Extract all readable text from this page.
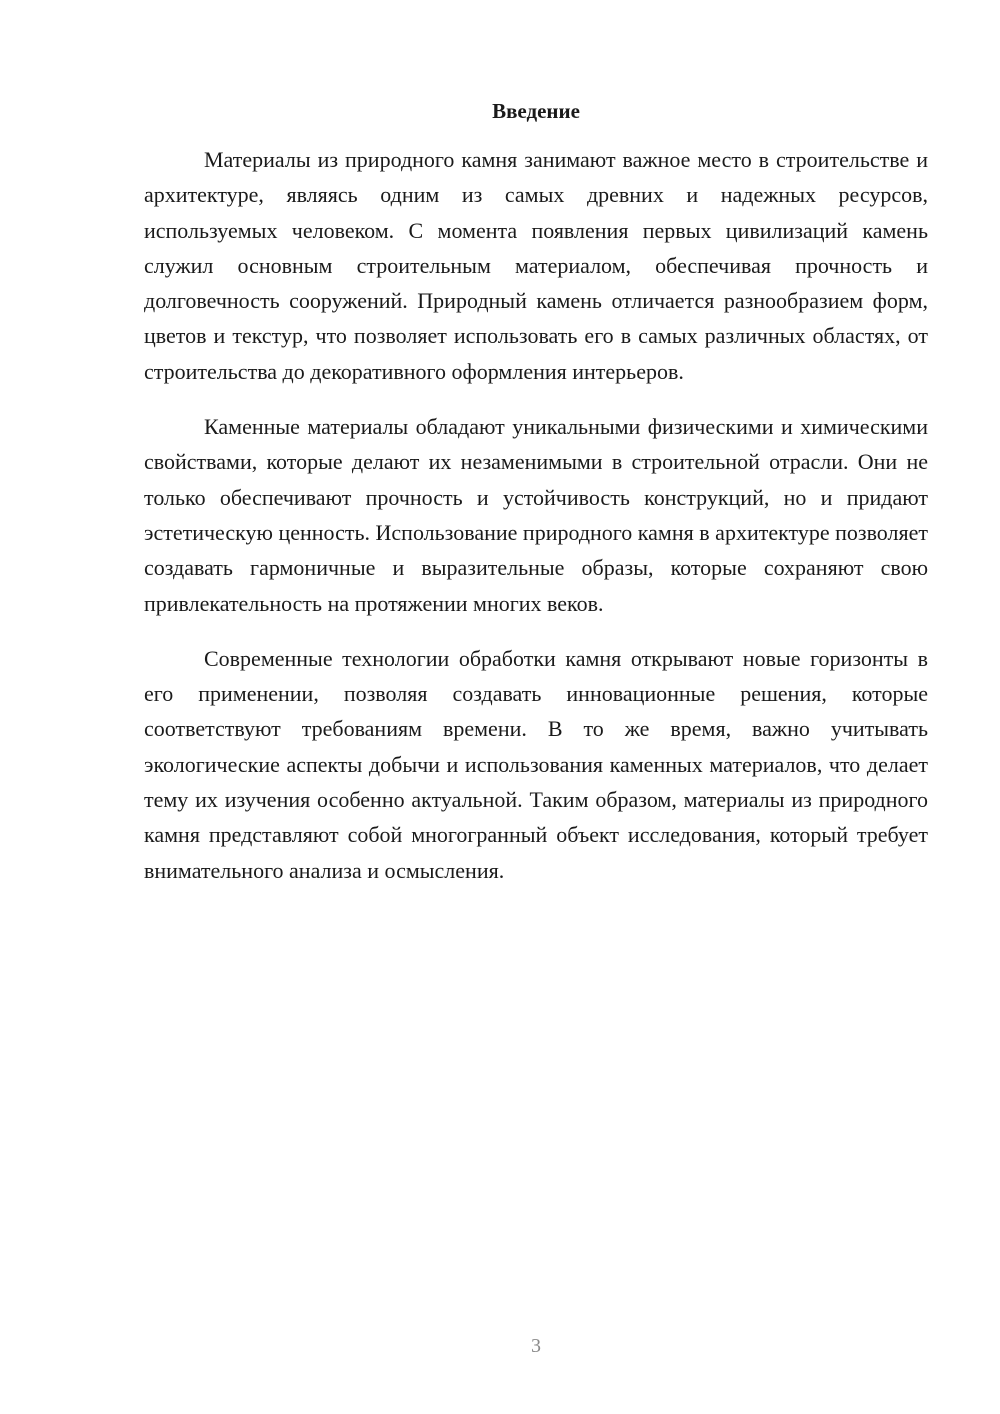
Введение

Материалы из природного камня занимают важное место в строительстве и архитектуре, являясь одним из самых древних и надежных ресурсов, используемых человеком. С момента появления первых цивилизаций камень служил основным строительным материалом, обеспечивая прочность и долговечность сооружений. Природный камень отличается разнообразием форм, цветов и текстур, что позволяет использовать его в самых различных областях, от строительства до декоративного оформления интерьеров.

Каменные материалы обладают уникальными физическими и химическими свойствами, которые делают их незаменимыми в строительной отрасли. Они не только обеспечивают прочность и устойчивость конструкций, но и придают эстетическую ценность. Использование природного камня в архитектуре позволяет создавать гармоничные и выразительные образы, которые сохраняют свою привлекательность на протяжении многих веков.

Современные технологии обработки камня открывают новые горизонты в его применении, позволяя создавать инновационные решения, которые соответствуют требованиям времени. В то же время, важно учитывать экологические аспекты добычи и использования каменных материалов, что делает тему их изучения особенно актуальной. Таким образом, материалы из природного камня представляют собой многогранный объект исследования, который требует внимательного анализа и осмысления.

3
